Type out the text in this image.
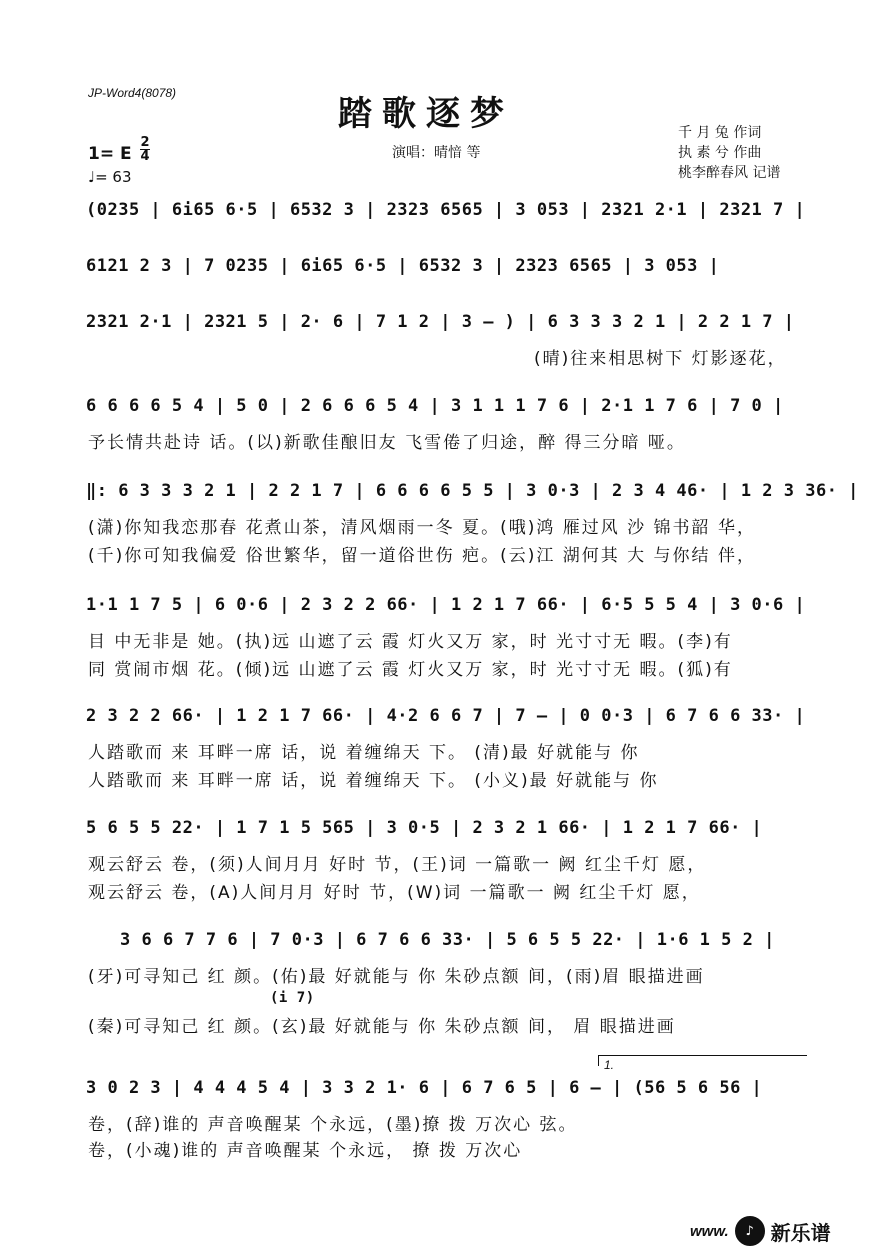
JP-Word4(8078)
踏歌逐梦
演唱：晴愔 等
千 月 兔 作词
执 素 兮 作曲
桃李醉春风 记谱
1= E
2
4
♩= 63
(0235 | 6i65 6·5 | 6532 3 | 2323 6565 | 3 053 | 2321 2·1 | 2321 7 |
6121 2 3 | 7 0235 | 6i65 6·5 | 6532 3 | 2323 6565 | 3 053 |
2321 2·1 | 2321 5 | 2· 6 | 7 1 2 | 3 – ) | 6 3 3 3 2 1 | 2 2 1 7 |
(晴)往来相思树下 灯影逐花，
6 6 6 6 5 4 | 5 0 | 2 6 6 6 5 4 | 3 1 1 1 7 6 | 2·1 1 7 6 | 7 0 |
予长情共赴诗 话。(以)新歌佳酿旧友 飞雪倦了归途，醉 得三分暗 哑。
‖: 6 3 3 3 2 1 | 2 2 1 7 | 6 6 6 6 5 5 | 3 0·3 | 2 3 4 46· | 1 2 3 36· |
(潇)你知我恋那春 花煮山茶，清风烟雨一冬 夏。(哦)鸿 雁过风 沙 锦书韶 华，
(千)你可知我偏爱 俗世繁华，留一道俗世伤 疤。(云)江 湖何其 大 与你结 伴，
1·1 1 7 5 | 6 0·6 | 2 3 2 2 66· | 1 2 1 7 66· | 6·5 5 5 4 | 3 0·6 |
目 中无非是 她。(执)远 山遮了云 霞 灯火又万 家，时 光寸寸无 暇。(李)有
同 赏闹市烟 花。(倾)远 山遮了云 霞 灯火又万 家，时 光寸寸无 暇。(狐)有
2 3 2 2 66· | 1 2 1 7 66· | 4·2 6 6 7 | 7 – | 0 0·3 | 6 7 6 6 33· |
人踏歌而 来 耳畔一席 话，说 着缠绵天 下。 (清)最 好就能与 你
人踏歌而 来 耳畔一席 话，说 着缠绵天 下。 (小义)最 好就能与 你
5 6 5 5 22· | 1 7 1 5 565 | 3 0·5 | 2 3 2 1 66· | 1 2 1 7 66· |
观云舒云 卷，(须)人间月月 好时 节，(王)词 一篇歌一 阙 红尘千灯 愿，
观云舒云 卷，(A)人间月月 好时 节，(W)词 一篇歌一 阙 红尘千灯 愿，
3 6 6 7 7 6 | 7 0·3 | 6 7 6 6 33· | 5 6 5 5 22· | 1·6 1 5 2 |
(牙)可寻知己 红 颜。(佑)最 好就能与 你 朱砂点额 间，(雨)眉 眼描进画
(i 7)
(秦)可寻知己 红 颜。(玄)最 好就能与 你 朱砂点额 间， 眉 眼描进画
1.
3 0 2 3 | 4 4 4 5 4 | 3 3 2 1· 6 | 6 7 6 5 | 6 – | (56 5 6 56 |
卷，(辞)谁的 声音唤醒某 个永远，(墨)撩 拨 万次心 弦。
卷，(小魂)谁的 声音唤醒某 个永远， 撩 拨 万次心
www.	♪ 新乐谱
